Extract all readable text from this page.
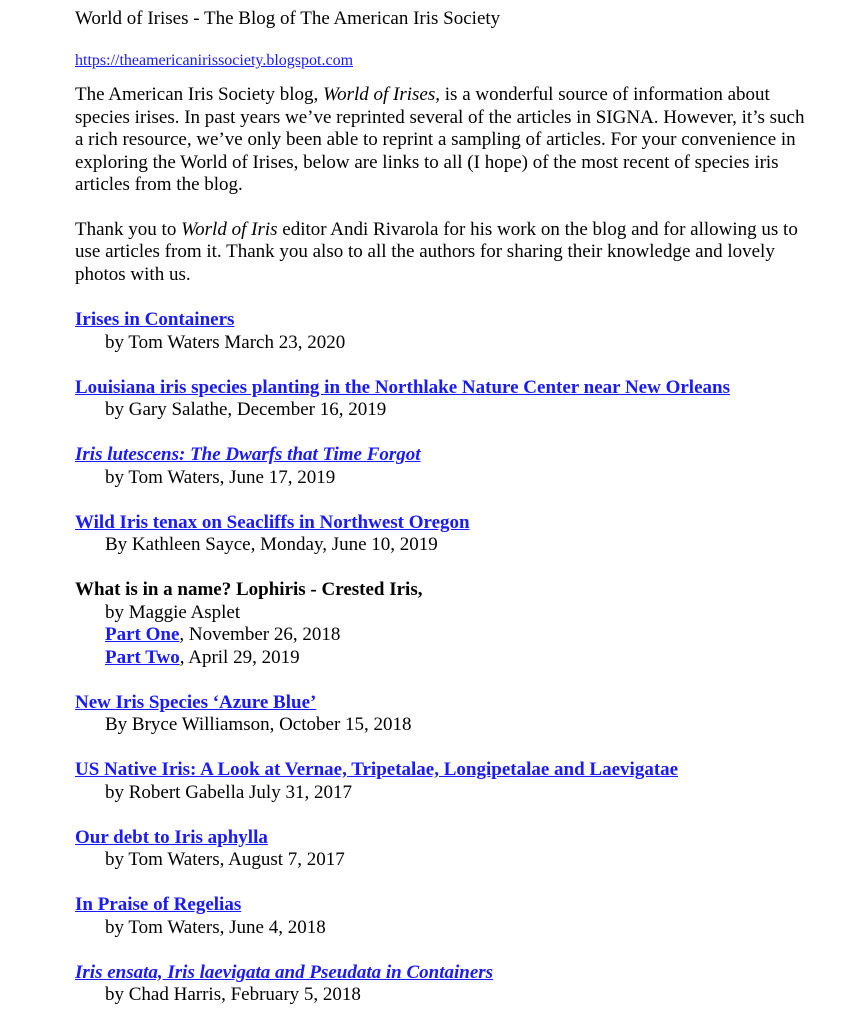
World of Irises - The Blog of The American Iris Society
https://theamericanirissociety.blogspot.com

The American Iris Society blog, World of Irises, is a wonderful source of information about species irises. In past years we’ve reprinted several of the articles in SIGNA. However, it’s such a rich resource, we’ve only been able to reprint a sampling of articles. For your convenience in exploring the World of Irises, below are links to all (I hope) of the most recent of species iris articles from the blog.

Thank you to World of Iris editor Andi Rivarola for his work on the blog and for allowing us to use articles from it. Thank you also to all the authors for sharing their knowledge and lovely photos with us.

Irises in Containers
by Tom Waters March 23, 2020
Louisiana iris species planting in the Northlake Nature Center near New Orleans
by Gary Salathe, December 16, 2019
Iris lutescens: The Dwarfs that Time Forgot
by Tom Waters, June 17, 2019
Wild Iris tenax on Seacliffs in Northwest Oregon
By Kathleen Sayce, Monday, June 10, 2019
What is in a name? Lophiris - Crested Iris,
by Maggie Asplet
Part One, November 26, 2018
Part Two, April 29, 2019
New Iris Species ‘Azure Blue’
By Bryce Williamson, October 15, 2018
US Native Iris: A Look at Vernae, Tripetalae, Longipetalae and Laevigatae
by Robert Gabella July 31, 2017
Our debt to Iris aphylla
by Tom Waters, August 7, 2017
In Praise of Regelias
by Tom Waters, June 4, 2018
Iris ensata, Iris laevigata and Pseudata in Containers
by Chad Harris, February 5, 2018
